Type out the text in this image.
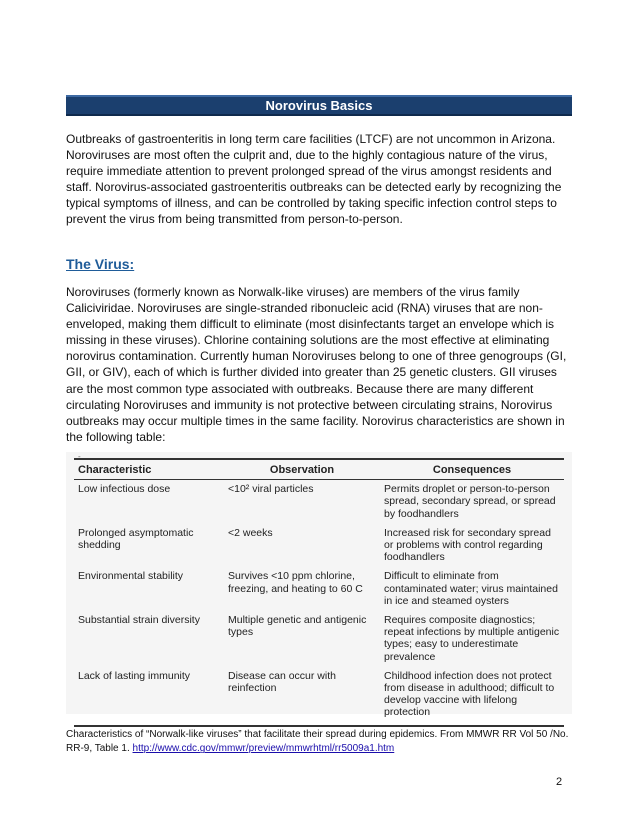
Norovirus Basics

Outbreaks of gastroenteritis in long term care facilities (LTCF) are not uncommon in Arizona. Noroviruses are most often the culprit and, due to the highly contagious nature of the virus, require immediate attention to prevent prolonged spread of the virus amongst residents and staff. Norovirus-associated gastroenteritis outbreaks can be detected early by recognizing the typical symptoms of illness, and can be controlled by taking specific infection control steps to prevent the virus from being transmitted from person-to-person.

The Virus:

Noroviruses (formerly known as Norwalk-like viruses) are members of the virus family Caliciviridae. Noroviruses are single-stranded ribonucleic acid (RNA) viruses that are non-enveloped, making them difficult to eliminate (most disinfectants target an envelope which is missing in these viruses). Chlorine containing solutions are the most effective at eliminating norovirus contamination. Currently human Noroviruses belong to one of three genogroups (GI, GII, or GIV), each of which is further divided into greater than 25 genetic clusters. GII viruses are the most common type associated with outbreaks. Because there are many different circulating Noroviruses and immunity is not protective between circulating strains, Norovirus outbreaks may occur multiple times in the same facility. Norovirus characteristics are shown in the following table:

-
Characteristic	Observation	Consequences
Low infectious dose	<10² viral particles	Permits droplet or person-to-person spread, secondary spread, or spread by foodhandlers
Prolonged asymptomatic shedding	<2 weeks	Increased risk for secondary spread or problems with control regarding foodhandlers
Environmental stability	Survives <10 ppm chlorine, freezing, and heating to 60 C	Difficult to eliminate from contaminated water; virus maintained in ice and steamed oysters
Substantial strain diversity	Multiple genetic and antigenic types	Requires composite diagnostics; repeat infections by multiple antigenic types; easy to underestimate prevalence
Lack of lasting immunity	Disease can occur with reinfection	Childhood infection does not protect from disease in adulthood; difficult to develop vaccine with lifelong protection

Characteristics of “Norwalk-like viruses” that facilitate their spread during epidemics. From MMWR RR Vol 50 /No. RR-9, Table 1. http://www.cdc.gov/mmwr/preview/mmwrhtml/rr5009a1.htm

2
